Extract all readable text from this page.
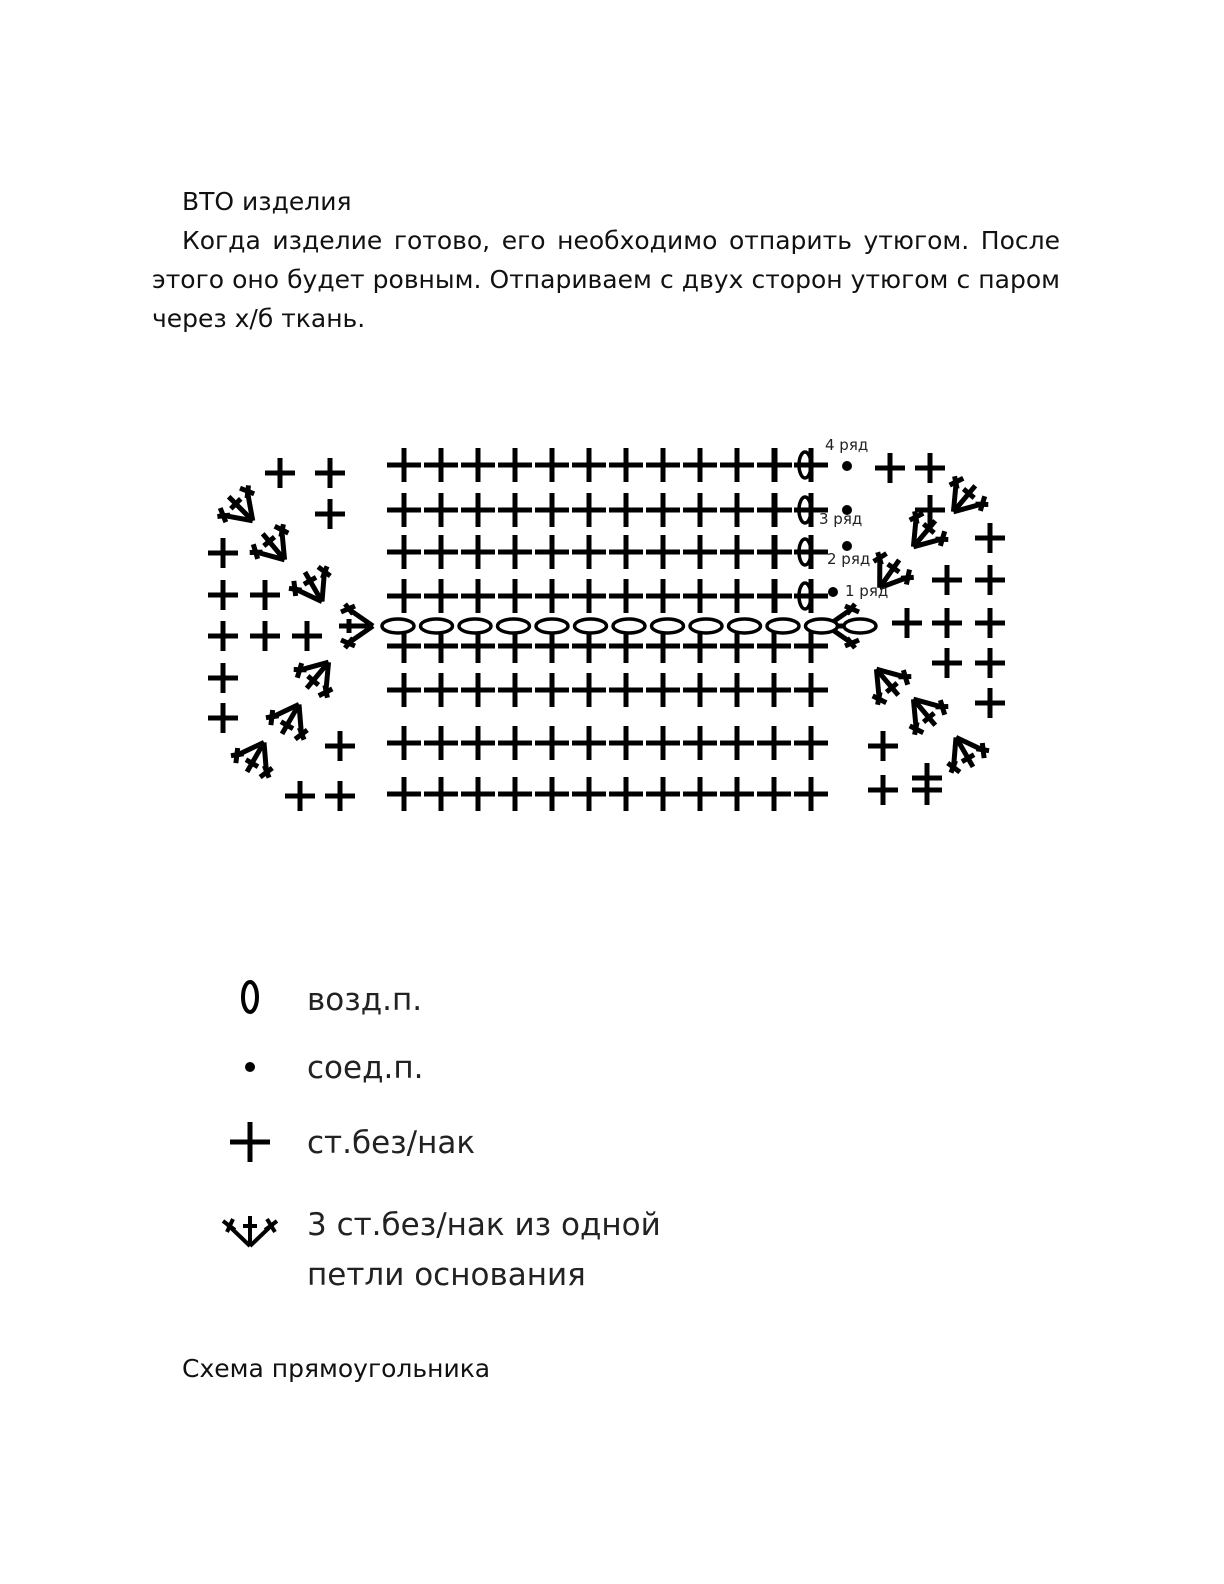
ВТО изделия
Когда изделие готово, его необходимо отпарить утюгом. После этого оно будет ровным. Отпариваем с двух сторон утюгом с паром через х/б ткань.
4 ряд
3 ряд
2 ряд
1 ряд
возд.п.
соед.п.
ст.без/нак
3 ст.без/нак из одной
петли основания
Схема прямоугольника
